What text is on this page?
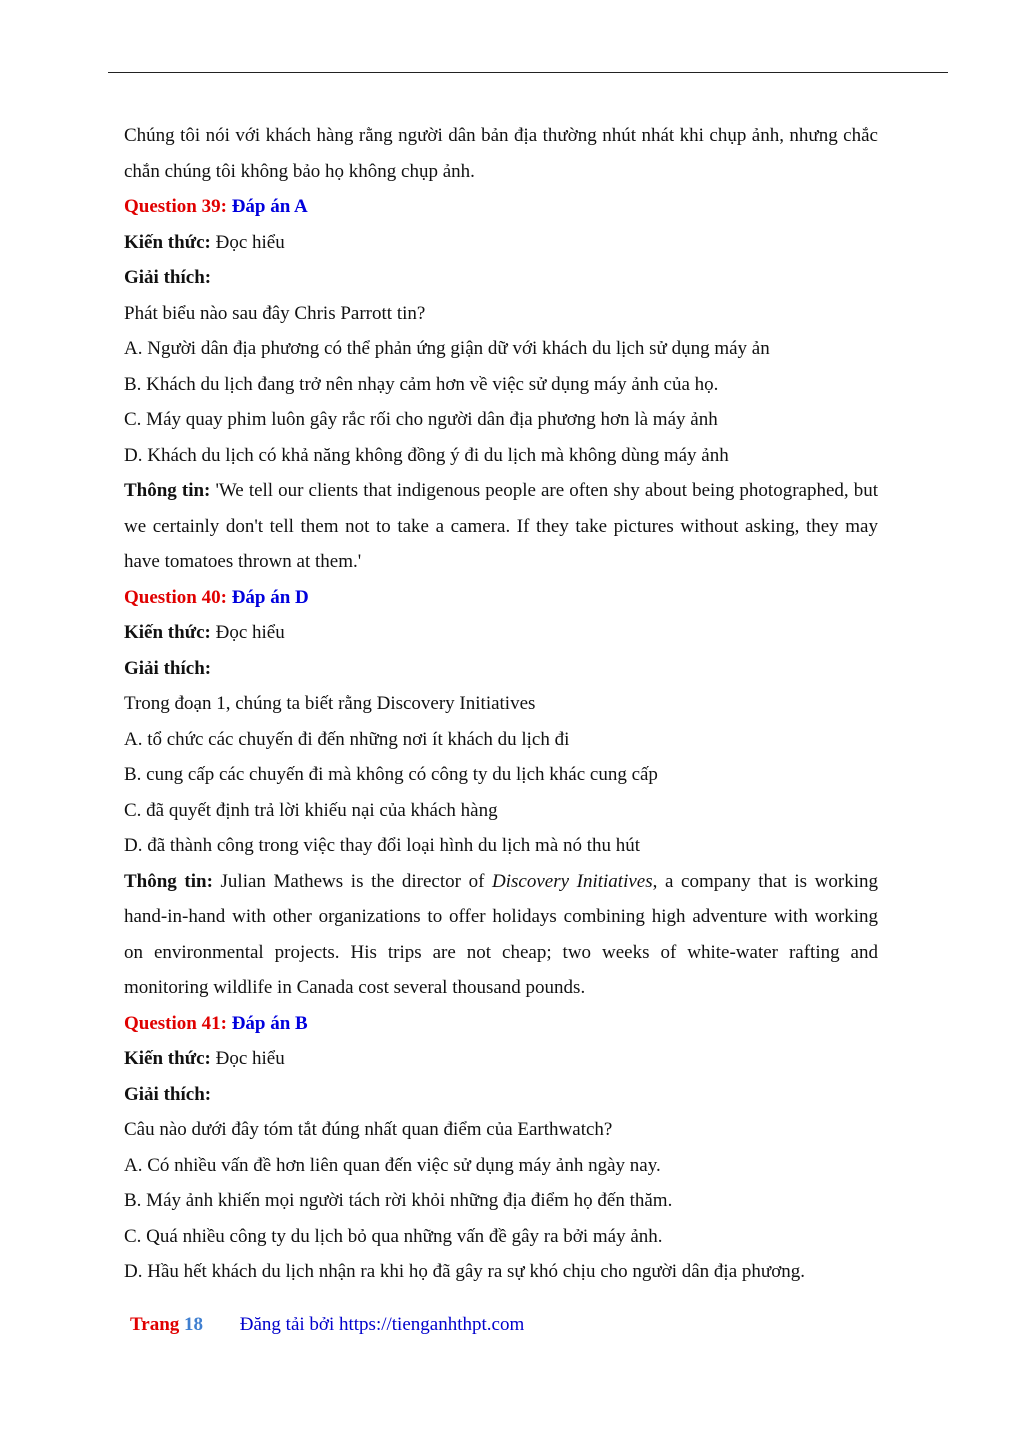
Chúng tôi nói với khách hàng rằng người dân bản địa thường nhút nhát khi chụp ảnh, nhưng chắc chắn chúng tôi không bảo họ không chụp ảnh.

Question 39: Đáp án A

Kiến thức: Đọc hiểu

Giải thích:

Phát biểu nào sau đây Chris Parrott tin?

A. Người dân địa phương có thể phản ứng giận dữ với khách du lịch sử dụng máy ản

B. Khách du lịch đang trở nên nhạy cảm hơn về việc sử dụng máy ảnh của họ.

C. Máy quay phim luôn gây rắc rối cho người dân địa phương hơn là máy ảnh

D. Khách du lịch có khả năng không đồng ý đi du lịch mà không dùng máy ảnh

Thông tin: 'We tell our clients that indigenous people are often shy about being photographed, but we certainly don't tell them not to take a camera. If they take pictures without asking, they may have tomatoes thrown at them.'

Question 40: Đáp án D

Kiến thức: Đọc hiểu

Giải thích:

Trong đoạn 1, chúng ta biết rằng Discovery Initiatives

A. tổ chức các chuyến đi đến những nơi ít khách du lịch đi

B. cung cấp các chuyến đi mà không có công ty du lịch khác cung cấp

C. đã quyết định trả lời khiếu nại của khách hàng

D. đã thành công trong việc thay đổi loại hình du lịch mà nó thu hút

Thông tin: Julian Mathews is the director of Discovery Initiatives, a company that is working hand-in-hand with other organizations to offer holidays combining high adventure with working on environmental projects. His trips are not cheap; two weeks of white-water rafting and monitoring wildlife in Canada cost several thousand pounds.

Question 41: Đáp án B

Kiến thức: Đọc hiểu

Giải thích:

Câu nào dưới đây tóm tắt đúng nhất quan điểm của Earthwatch?

A. Có nhiều vấn đề hơn liên quan đến việc sử dụng máy ảnh ngày nay.

B. Máy ảnh khiến mọi người tách rời khỏi những địa điểm họ đến thăm.

C. Quá nhiều công ty du lịch bỏ qua những vấn đề gây ra bởi máy ảnh.

D. Hầu hết khách du lịch nhận ra khi họ đã gây ra sự khó chịu cho người dân địa phương.

Trang 18 Đăng tải bởi https://tienganhthpt.com
